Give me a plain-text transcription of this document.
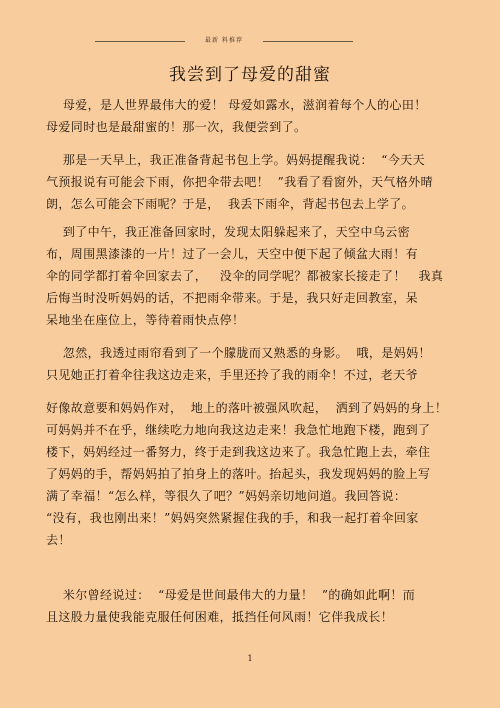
最新 料推荐
我尝到了母爱的甜蜜
母爱，是人世界最伟大的爱！ 母爱如露水，滋润着每个人的心田！
母爱同时也是最甜蜜的！那一次，我便尝到了。
那是一天早上，我正准备背起书包上学。妈妈提醒我说：  “今天天
气预报说有可能会下雨，你把伞带去吧！  ”我看了看窗外，天气格外晴
朗，怎么可能会下雨呢？于是，  我丢下雨伞，背起书包去上学了。
到了中午，我正准备回家时，发现太阳躲起来了，天空中乌云密
布，周围黑漆漆的一片！过了一会儿，天空中便下起了倾盆大雨！有
伞的同学都打着伞回家去了，   没伞的同学呢？都被家长接走了！   我真
后悔当时没听妈妈的话，不把雨伞带来。于是，我只好走回教室，呆
呆地坐在座位上，等待着雨快点停！
忽然，我透过雨帘看到了一个朦胧而又熟悉的身影。  哦，是妈妈！
只见她正打着伞往我这边走来，手里还拎了我的雨伞！不过，老天爷
好像故意要和妈妈作对，  地上的落叶被强风吹起，  洒到了妈妈的身上！
可妈妈并不在乎，继续吃力地向我这边走来！我急忙地跑下楼，跑到了
楼下，妈妈经过一番努力，终于走到我这边来了。我急忙跑上去，牵住
了妈妈的手，帮妈妈拍了拍身上的落叶。抬起头，我发现妈妈的脸上写
满了幸福！“怎么样，等很久了吧？”妈妈亲切地问道。我回答说：
“没有，我也刚出来！”妈妈突然紧握住我的手，和我一起打着伞回家
去！
米尔曾经说过：  “母爱是世间最伟大的力量！  ”的确如此啊！而
且这股力量使我能克服任何困难，抵挡任何风雨！它伴我成长！
1
